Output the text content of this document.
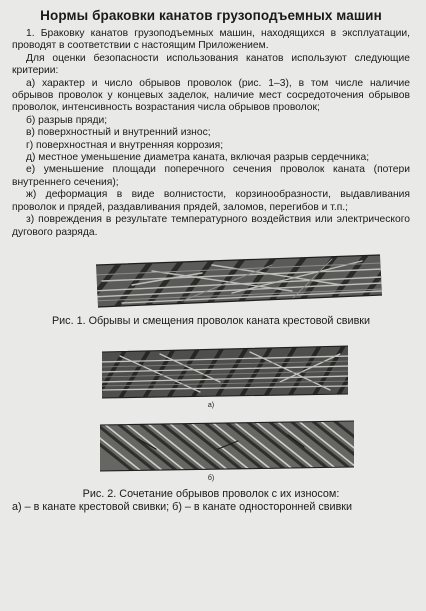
Нормы браковки канатов грузоподъемных машин

1. Браковку канатов грузоподъемных машин, находящихся в эксплуатации, проводят в соответствии с настоящим Приложением.

Для оценки безопасности использования канатов используют следующие критерии:

а) характер и число обрывов проволок (рис. 1–3), в том числе наличие обрывов проволок у концевых заделок, наличие мест сосредоточения обрывов проволок, интенсивность возрастания числа обрывов проволок;

б) разрыв пряди;

в) поверхностный и внутренний износ;

г) поверхностная и внутренняя коррозия;

д) местное уменьшение диаметра каната, включая разрыв сердечника;

е) уменьшение площади поперечного сечения проволок каната (потери внутреннего сечения);

ж) деформация в виде волнистости, корзинообразности, выдавливания проволок и прядей, раздавливания прядей, заломов, перегибов и т.п.;

з) повреждения в результате температурного воздействия или электрического дугового разряда.

Рис. 1. Обрывы и смещения проволок каната крестовой свивки

а)

б)

Рис. 2. Сочетание обрывов проволок с их износом:

а) – в канате крестовой свивки; б) – в канате односторонней свивки
